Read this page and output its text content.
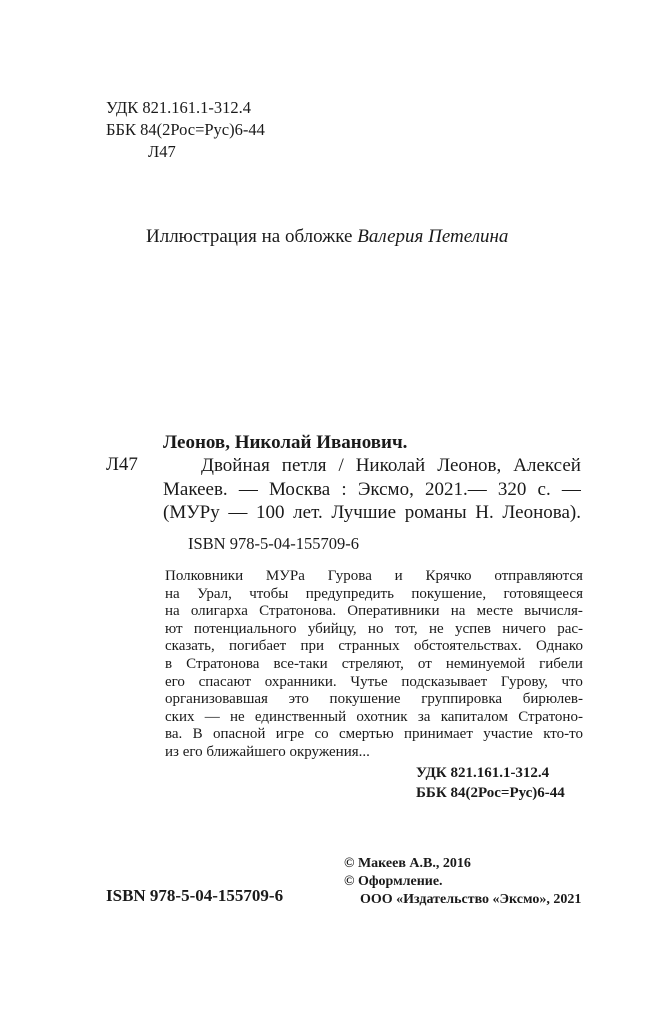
УДК 821.161.1-312.4
ББК 84(2Рос=Рус)6-44
Л47
Иллюстрация на обложке Валерия Петелина
Леонов, Николай Иванович.
Л47	Двойная петля / Николай Леонов, Алексей
Макеев. — Москва : Эксмо, 2021.— 320 с. —
(МУРу — 100 лет. Лучшие романы Н. Леонова).
ISBN 978-5-04-155709-6
Полковники МУРа Гурова и Крячко отправляются
на Урал, чтобы предупредить покушение, готовящееся
на олигарха Стратонова. Оперативники на месте вычисля-
ют потенциального убийцу, но тот, не успев ничего рас-
сказать, погибает при странных обстоятельствах. Однако
в Стратонова все-таки стреляют, от неминуемой гибели
его спасают охранники. Чутье подсказывает Гурову, что
организовавшая это покушение группировка бирюлев-
ских — не единственный охотник за капиталом Стратоно-
ва. В опасной игре со смертью принимает участие кто-то
из его ближайшего окружения...
УДК 821.161.1-312.4
ББК 84(2Рос=Рус)6-44
© Макеев А.В., 2016
© Оформление.
ООО «Издательство «Эксмо», 2021
ISBN 978-5-04-155709-6
